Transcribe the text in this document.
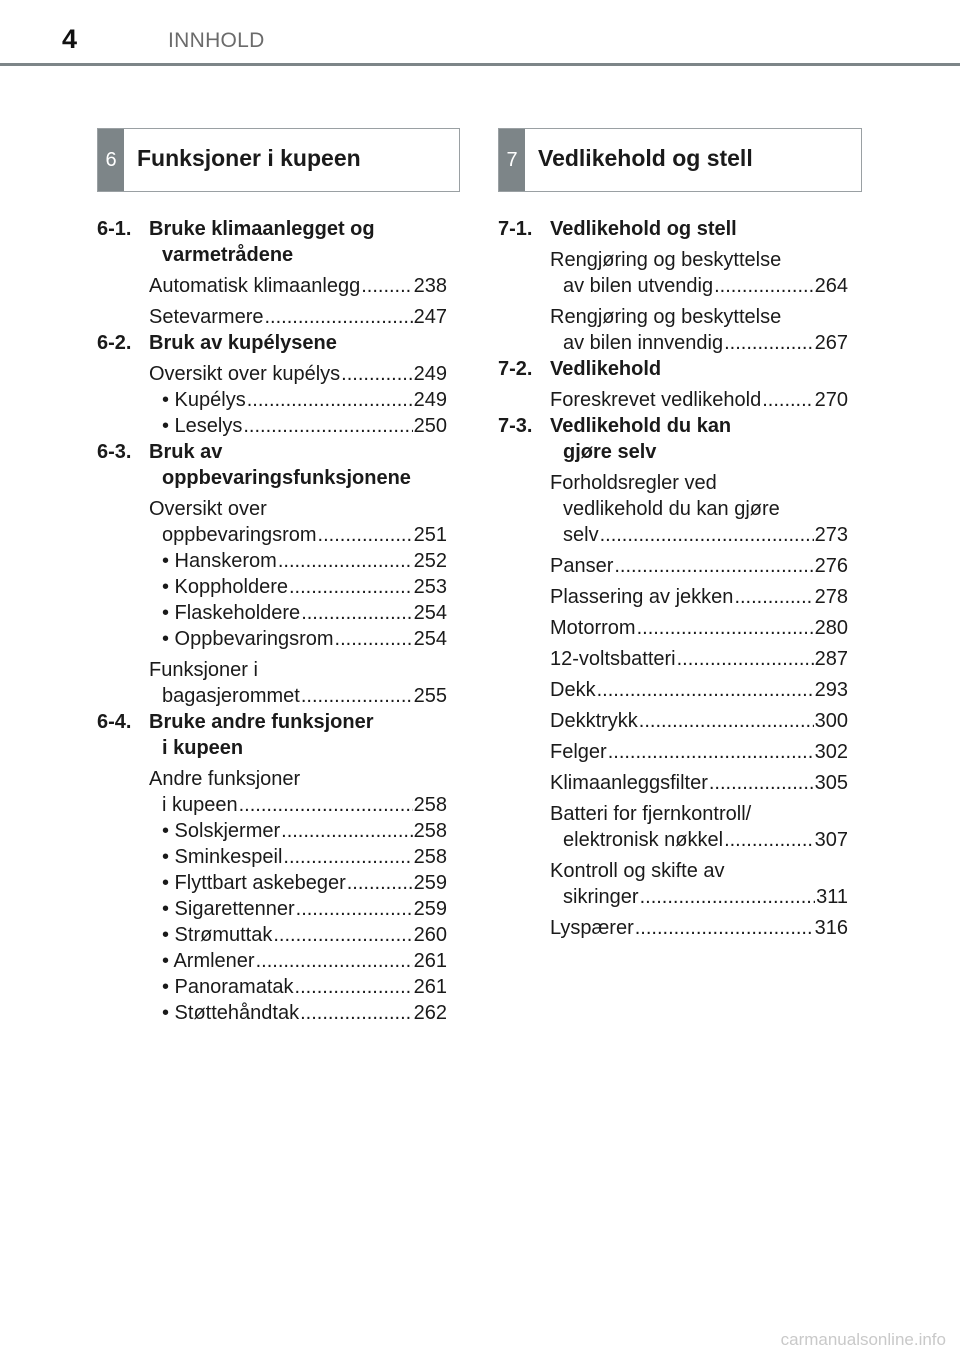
4	INNHOLD
6 Funksjoner i kupeen	7 Vedlikehold og stell
6-1. Bruke klimaanlegget og
varmetrådene
Automatisk klimaanlegg .....	238
Setevarmere .....	247
6-2. Bruk av kupélysene
Oversikt over kupélys .....	249
• Kupélys .....	249
• Leselys .....	250
6-3. Bruk av
oppbevaringsfunksjonene
Oversikt over
oppbevaringsrom .....	251
• Hanskerom .....	252
• Koppholdere .....	253
• Flaskeholdere .....	254
• Oppbevaringsrom .....	254
Funksjoner i
bagasjerommet .....	255
6-4. Bruke andre funksjoner
i kupeen
Andre funksjoner
i kupeen .....	258
• Solskjermer .....	258
• Sminkespeil .....	258
• Flyttbart askebeger .....	259
• Sigarettenner .....	259
• Strømuttak .....	260
• Armlener .....	261
• Panoramatak .....	261
• Støttehåndtak .....	262
7-1. Vedlikehold og stell
Rengjøring og beskyttelse
av bilen utvendig .....	264
Rengjøring og beskyttelse
av bilen innvendig .....	267
7-2. Vedlikehold
Foreskrevet vedlikehold .....	270
7-3. Vedlikehold du kan
gjøre selv
Forholdsregler ved
vedlikehold du kan gjøre
selv .....	273
Panser .....	276
Plassering av jekken .....	278
Motorrom .....	280
12-voltsbatteri .....	287
Dekk .....	293
Dekktrykk .....	300
Felger .....	302
Klimaanleggsfilter .....	305
Batteri for fjernkontroll/
elektronisk nøkkel .....	307
Kontroll og skifte av
sikringer .....	311
Lyspærer .....	316
carmanualsonline.info
